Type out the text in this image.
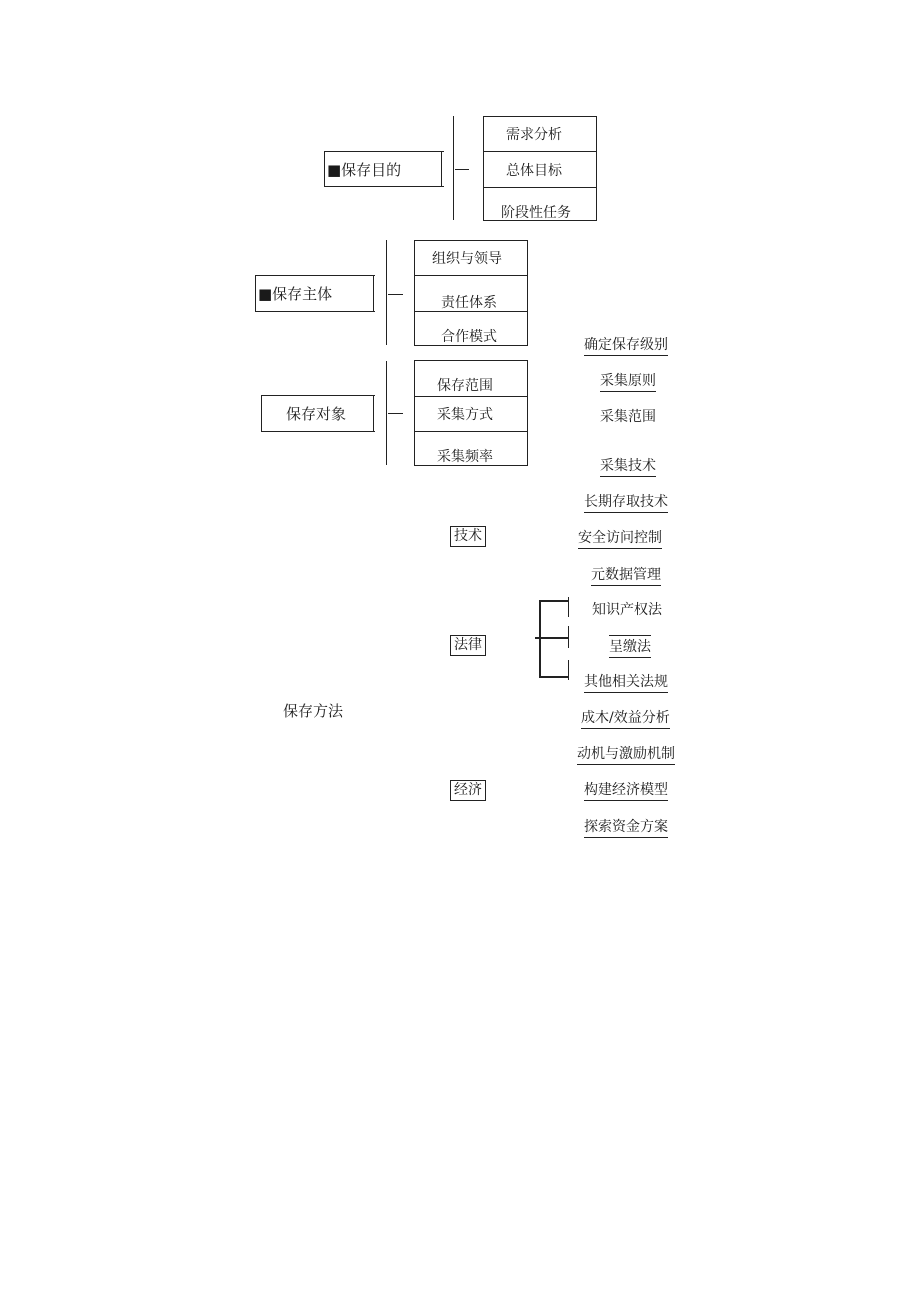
■保存目的
需求分析
总体目标
阶段性任务
■保存主体
组织与领导
责任体系
合作模式
保存对象
保存范围
采集方式
采集频率
确定保存级别
采集原则
采集范围
保存方法
技术
采集技术
长期存取技术
安全访问控制
元数据管理
法律
知识产权法
呈缴法
其他相关法规
经济
成木/效益分析
动机与激励机制
构建经济模型
探索资金方案
